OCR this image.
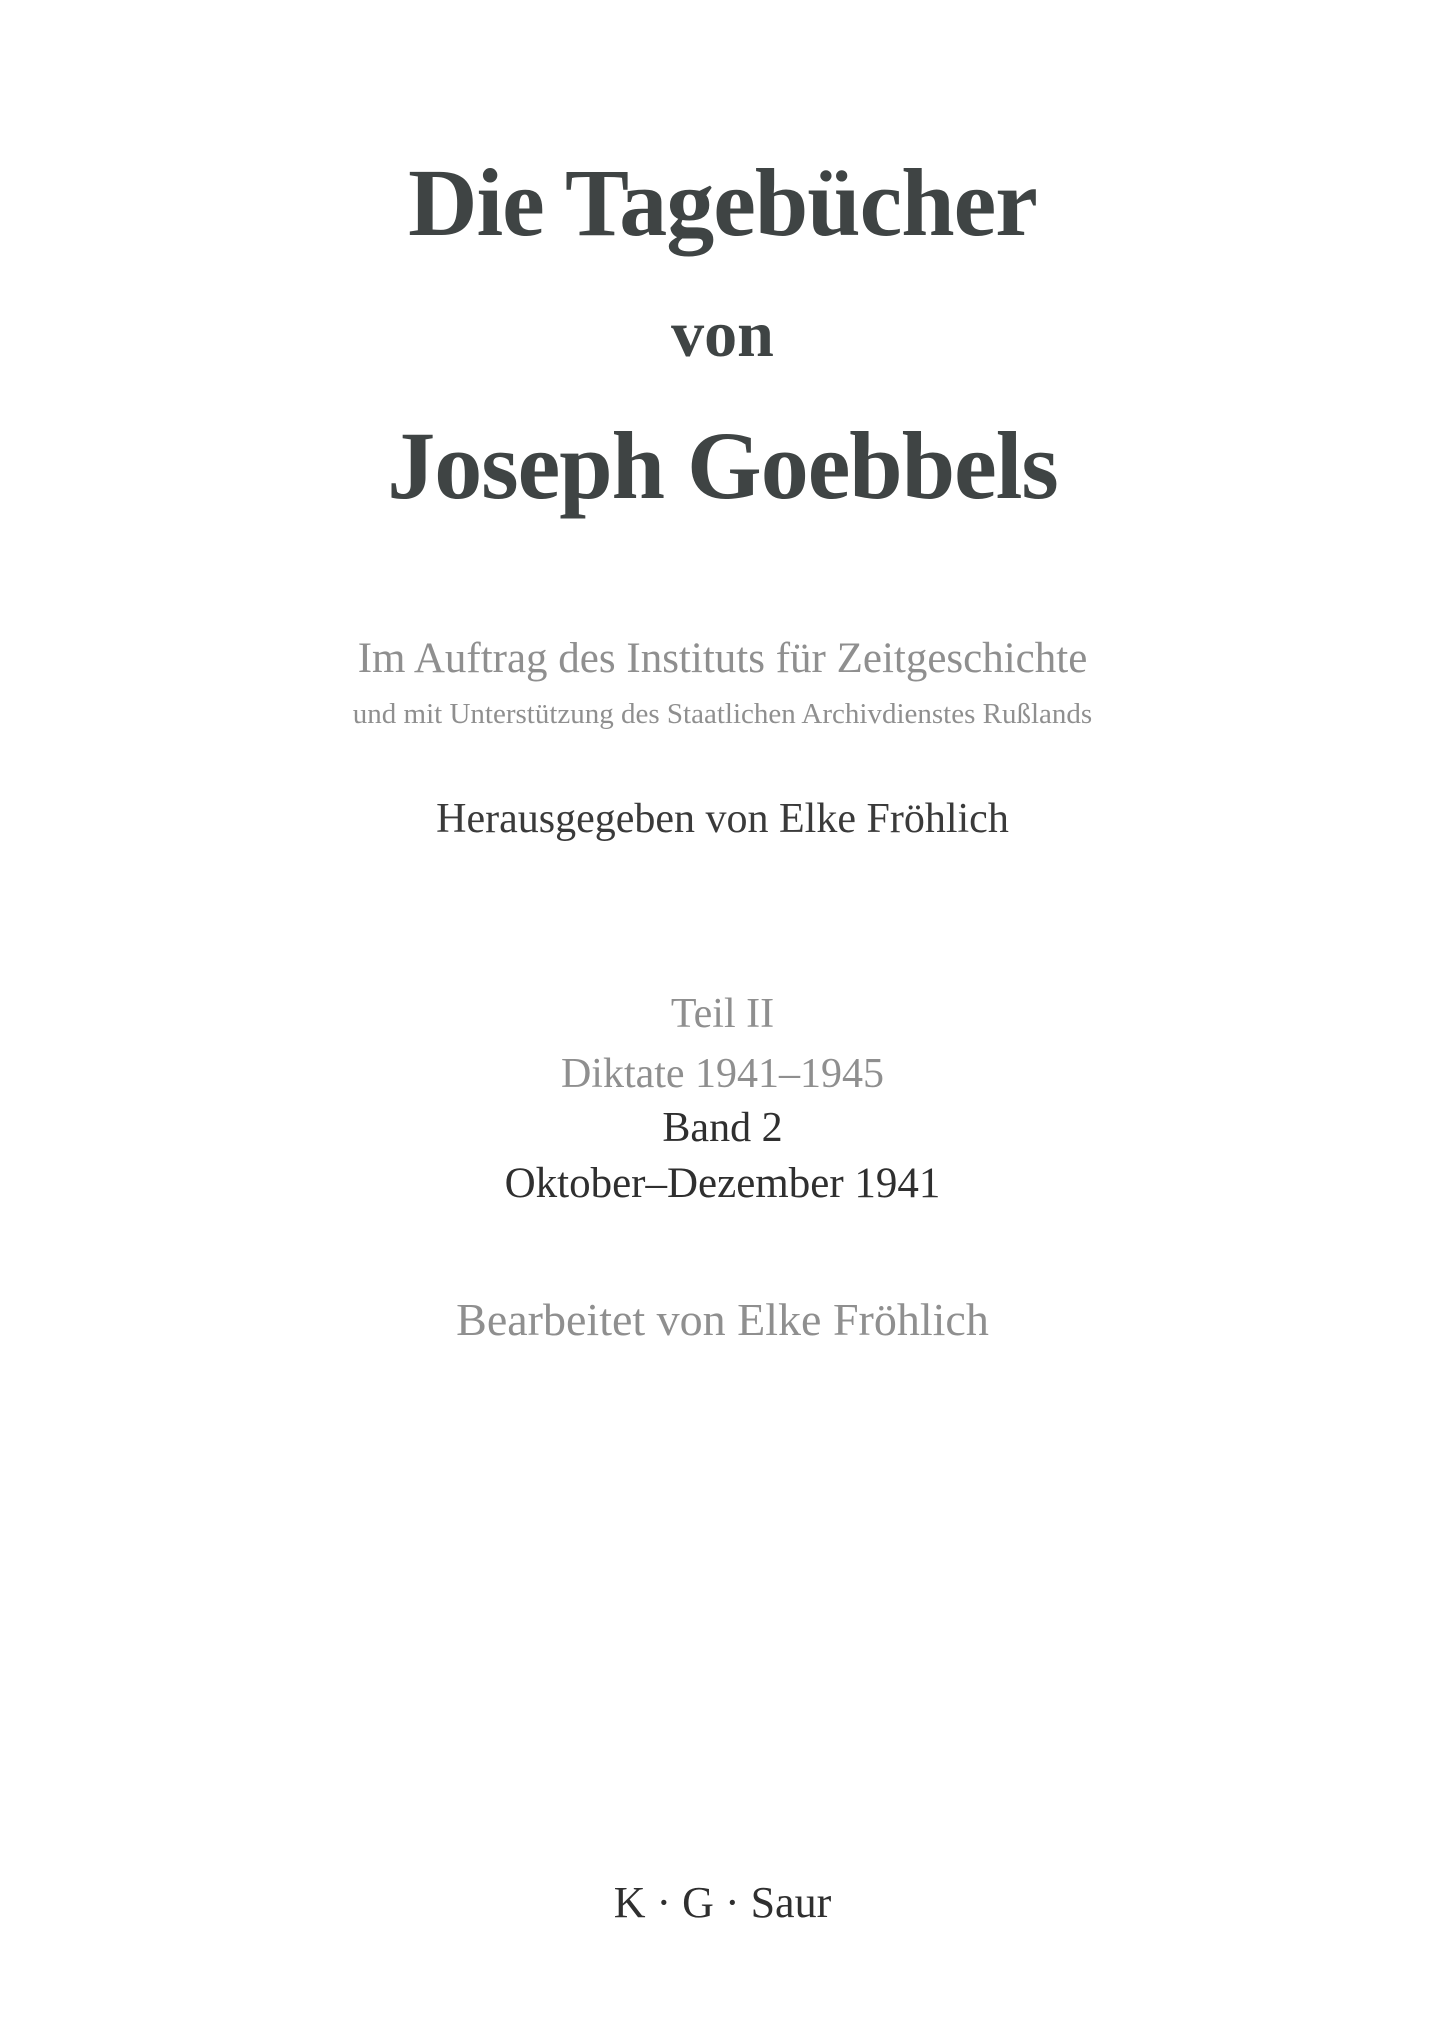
Die Tagebücher
von
Joseph Goebbels
Im Auftrag des Instituts für Zeitgeschichte
und mit Unterstützung des Staatlichen Archivdienstes Rußlands
Herausgegeben von Elke Fröhlich
Teil II
Diktate 1941–1945
Band 2
Oktober–Dezember 1941
Bearbeitet von Elke Fröhlich
K · G · Saur
